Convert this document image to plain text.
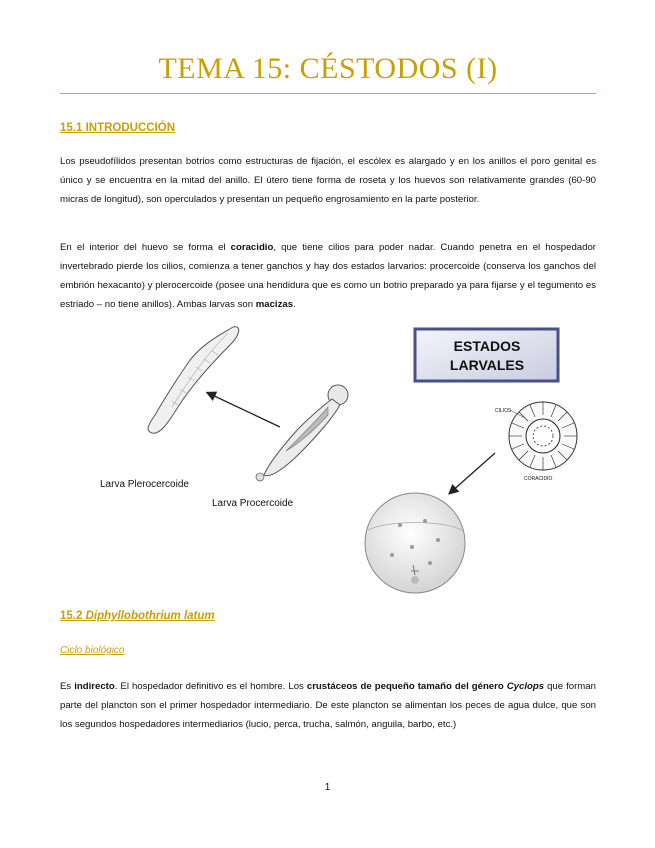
TEMA 15: CÉSTODOS (I)
15.1 INTRODUCCIÓN
Los pseudofílidos presentan botrios como estructuras de fijación, el escólex es alargado y en los anillos el poro genital es único y se encuentra en la mitad del anillo. El útero tiene forma de roseta y los huevos son relativamente grandes (60-90 micras de longitud), son operculados y presentan un pequeño engrosamiento en la parte posterior.
En el interior del huevo se forma el coracidio, que tiene cilios para poder nadar. Cuando penetra en el hospedador invertebrado pierde los cilios, comienza a tener ganchos y hay dos estados larvarios: procercoide (conserva los ganchos del embrión hexacanto) y plerocercoide (posee una hendidura que es como un botrio preparado ya para fijarse y el tegumento es estriado – no tiene anillos). Ambas larvas son macizas.
ESTADOS
LARVALES
Larva Plerocercoide
Larva Procercoide
CILIOS
CORACIDIO
15.2 Diphyllobothrium latum
Ciclo biológico
Es indirecto. El hospedador definitivo es el hombre. Los crustáceos de pequeño tamaño del género Cyclops que forman parte del plancton son el primer hospedador intermediario. De este plancton se alimentan los peces de agua dulce, que son los segundos hospedadores intermediarios (lucio, perca, trucha, salmón, anguila, barbo, etc.)
1
